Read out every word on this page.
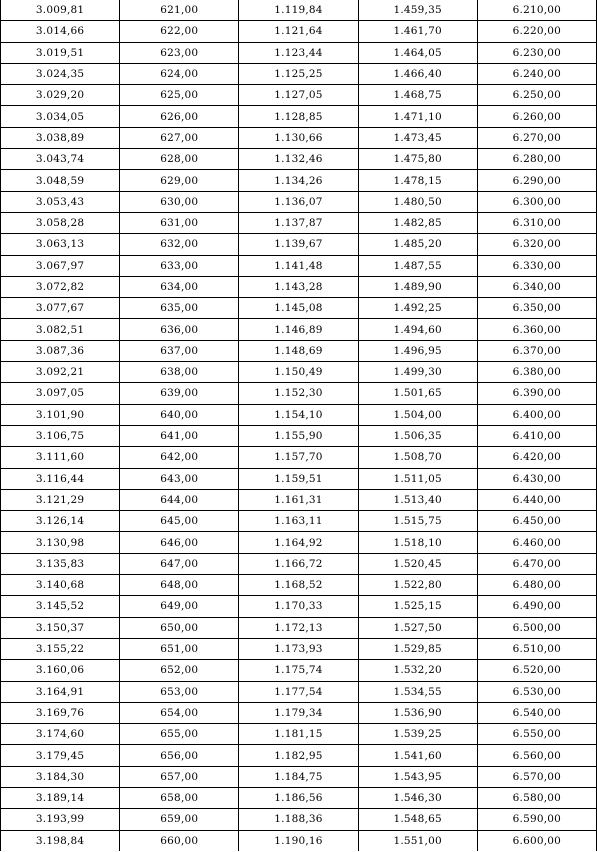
3.009,81	621,00	1.119,84	1.459,35	6.210,00
3.014,66	622,00	1.121,64	1.461,70	6.220,00
3.019,51	623,00	1.123,44	1.464,05	6.230,00
3.024,35	624,00	1.125,25	1.466,40	6.240,00
3.029,20	625,00	1.127,05	1.468,75	6.250,00
3.034,05	626,00	1.128,85	1.471,10	6.260,00
3.038,89	627,00	1.130,66	1.473,45	6.270,00
3.043,74	628,00	1.132,46	1.475,80	6.280,00
3.048,59	629,00	1.134,26	1.478,15	6.290,00
3.053,43	630,00	1.136,07	1.480,50	6.300,00
3.058,28	631,00	1.137,87	1.482,85	6.310,00
3.063,13	632,00	1.139,67	1.485,20	6.320,00
3.067,97	633,00	1.141,48	1.487,55	6.330,00
3.072,82	634,00	1.143,28	1.489,90	6.340,00
3.077,67	635,00	1.145,08	1.492,25	6.350,00
3.082,51	636,00	1.146,89	1.494,60	6.360,00
3.087,36	637,00	1.148,69	1.496,95	6.370,00
3.092,21	638,00	1.150,49	1.499,30	6.380,00
3.097,05	639,00	1.152,30	1.501,65	6.390,00
3.101,90	640,00	1.154,10	1.504,00	6.400,00
3.106,75	641,00	1.155,90	1.506,35	6.410,00
3.111,60	642,00	1.157,70	1.508,70	6.420,00
3.116,44	643,00	1.159,51	1.511,05	6.430,00
3.121,29	644,00	1.161,31	1.513,40	6.440,00
3.126,14	645,00	1.163,11	1.515,75	6.450,00
3.130,98	646,00	1.164,92	1.518,10	6.460,00
3.135,83	647,00	1.166,72	1.520,45	6.470,00
3.140,68	648,00	1.168,52	1.522,80	6.480,00
3.145,52	649,00	1.170,33	1.525,15	6.490,00
3.150,37	650,00	1.172,13	1.527,50	6.500,00
3.155,22	651,00	1.173,93	1.529,85	6.510,00
3.160,06	652,00	1.175,74	1.532,20	6.520,00
3.164,91	653,00	1.177,54	1.534,55	6.530,00
3.169,76	654,00	1.179,34	1.536,90	6.540,00
3.174,60	655,00	1.181,15	1.539,25	6.550,00
3.179,45	656,00	1.182,95	1.541,60	6.560,00
3.184,30	657,00	1.184,75	1.543,95	6.570,00
3.189,14	658,00	1.186,56	1.546,30	6.580,00
3.193,99	659,00	1.188,36	1.548,65	6.590,00
3.198,84	660,00	1.190,16	1.551,00	6.600,00
